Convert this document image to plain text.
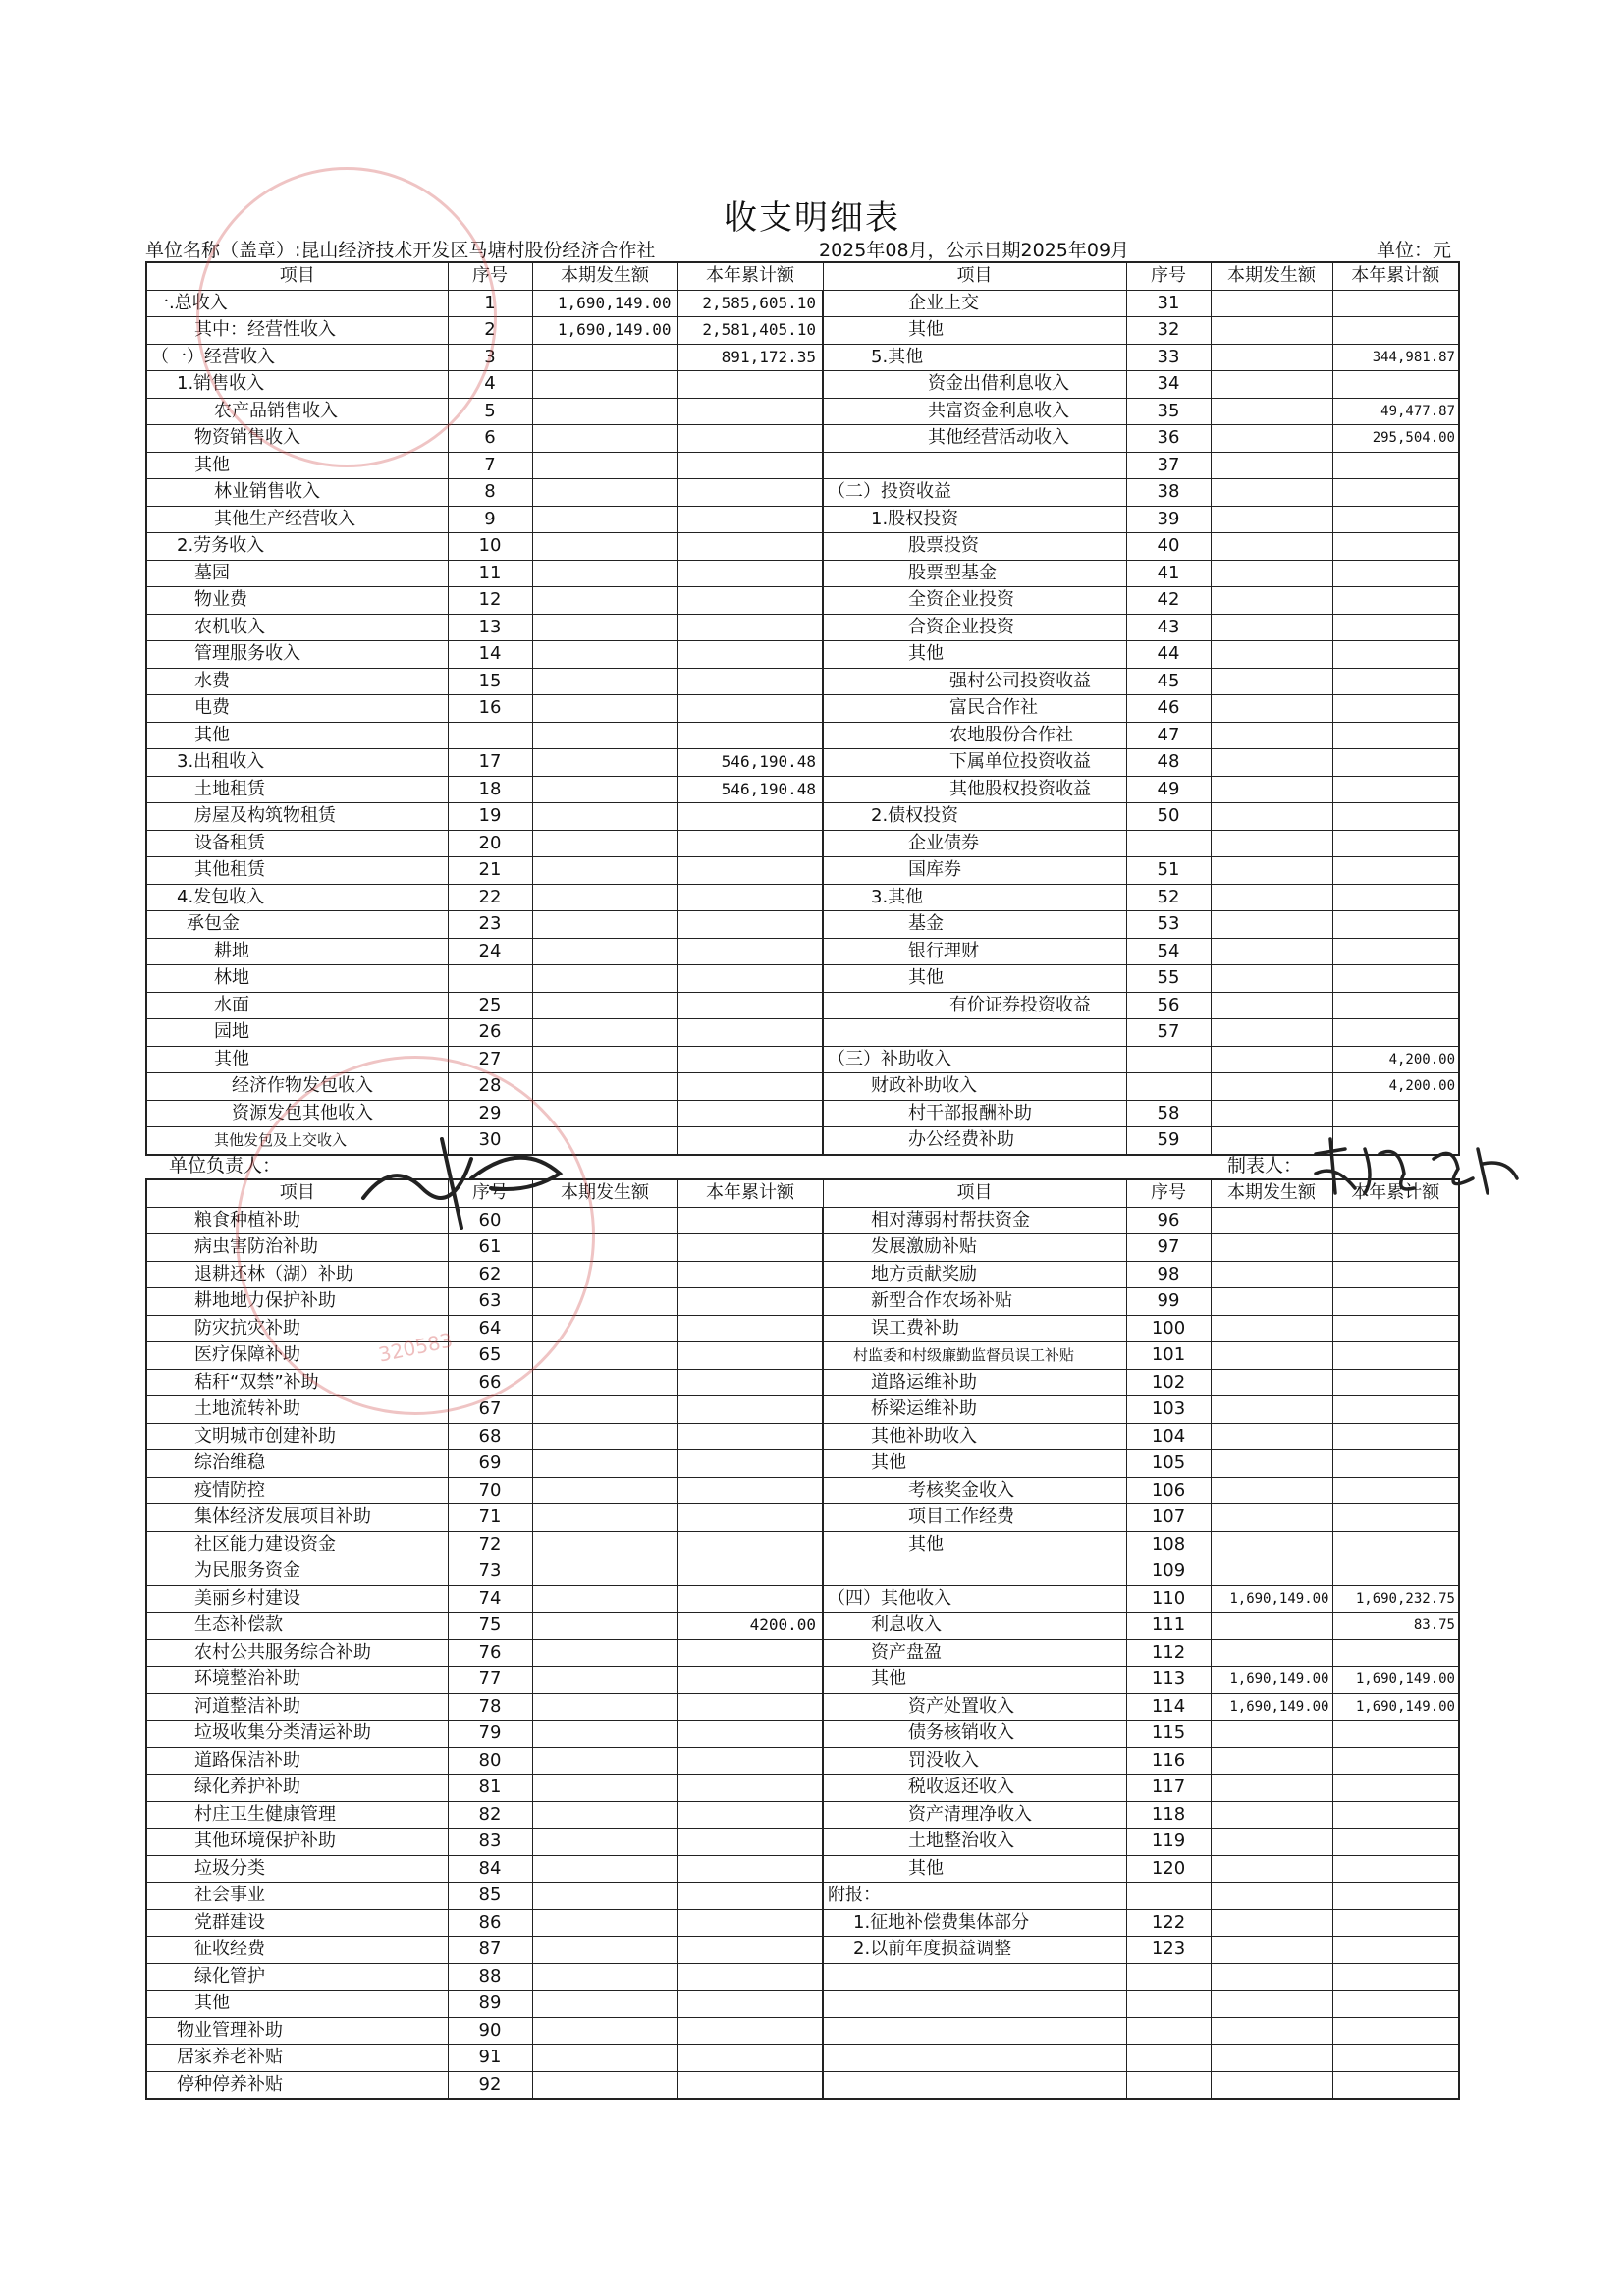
收支明细表
单位名称（盖章）:昆山经济技术开发区马塘村股份经济合作社	2025年08月，公示日期2025年09月	单位：元
项目	序号	本期发生额	本年累计额	项目	序号	本期发生额	本年累计额
一.总收入	1	1,690,149.00	2,585,605.10	企业上交	31		
其中：经营性收入	2	1,690,149.00	2,581,405.10	其他	32		
（一）经营收入	3		891,172.35	5.其他	33		344,981.87
1.销售收入	4			资金出借利息收入	34		
农产品销售收入	5			共富资金利息收入	35		49,477.87
物资销售收入	6			其他经营活动收入	36		295,504.00
其他	7				37		
林业销售收入	8			（二）投资收益	38		
其他生产经营收入	9			1.股权投资	39		
2.劳务收入	10			股票投资	40		
墓园	11			股票型基金	41		
物业费	12			全资企业投资	42		
农机收入	13			合资企业投资	43		
管理服务收入	14			其他	44		
水费	15			强村公司投资收益	45		
电费	16			富民合作社	46		
其他				农地股份合作社	47		
3.出租收入	17		546,190.48	下属单位投资收益	48		
土地租赁	18		546,190.48	其他股权投资收益	49		
房屋及构筑物租赁	19			2.债权投资	50		
设备租赁	20			企业债券			
其他租赁	21			国库券	51		
4.发包收入	22			3.其他	52		
承包金	23			基金	53		
耕地	24			银行理财	54		
林地				其他	55		
水面	25			有价证券投资收益	56		
园地	26				57		
其他	27			（三）补助收入			4,200.00
经济作物发包收入	28			财政补助收入			4,200.00
资源发包其他收入	29			村干部报酬补助	58		
其他发包及上交收入	30			办公经费补助	59		
单位负责人：	制表人：
项目	序号	本期发生额	本年累计额	项目	序号	本期发生额	本年累计额
粮食种植补助	60			相对薄弱村帮扶资金	96		
病虫害防治补助	61			发展激励补贴	97		
退耕还林（湖）补助	62			地方贡献奖励	98		
耕地地力保护补助	63			新型合作农场补贴	99		
防灾抗灾补助	64			误工费补助	100		
医疗保障补助	65			村监委和村级廉勤监督员误工补贴	101		
秸秆“双禁”补助	66			道路运维补助	102		
土地流转补助	67			桥梁运维补助	103		
文明城市创建补助	68			其他补助收入	104		
综治维稳	69			其他	105		
疫情防控	70			考核奖金收入	106		
集体经济发展项目补助	71			项目工作经费	107		
社区能力建设资金	72			其他	108		
为民服务资金	73				109		
美丽乡村建设	74			（四）其他收入	110	1,690,149.00	1,690,232.75
生态补偿款	75		4200.00	利息收入	111		83.75
农村公共服务综合补助	76			资产盘盈	112		
环境整治补助	77			其他	113	1,690,149.00	1,690,149.00
河道整洁补助	78			资产处置收入	114	1,690,149.00	1,690,149.00
垃圾收集分类清运补助	79			债务核销收入	115		
道路保洁补助	80			罚没收入	116		
绿化养护补助	81			税收返还收入	117		
村庄卫生健康管理	82			资产清理净收入	118		
其他环境保护补助	83			土地整治收入	119		
垃圾分类	84			其他	120		
社会事业	85			附报：			
党群建设	86			1.征地补偿费集体部分	122		
征收经费	87			2.以前年度损益调整	123		
绿化管护	88						
其他	89						
物业管理补助	90						
居家养老补贴	91						
停种停养补贴	92						
320583
